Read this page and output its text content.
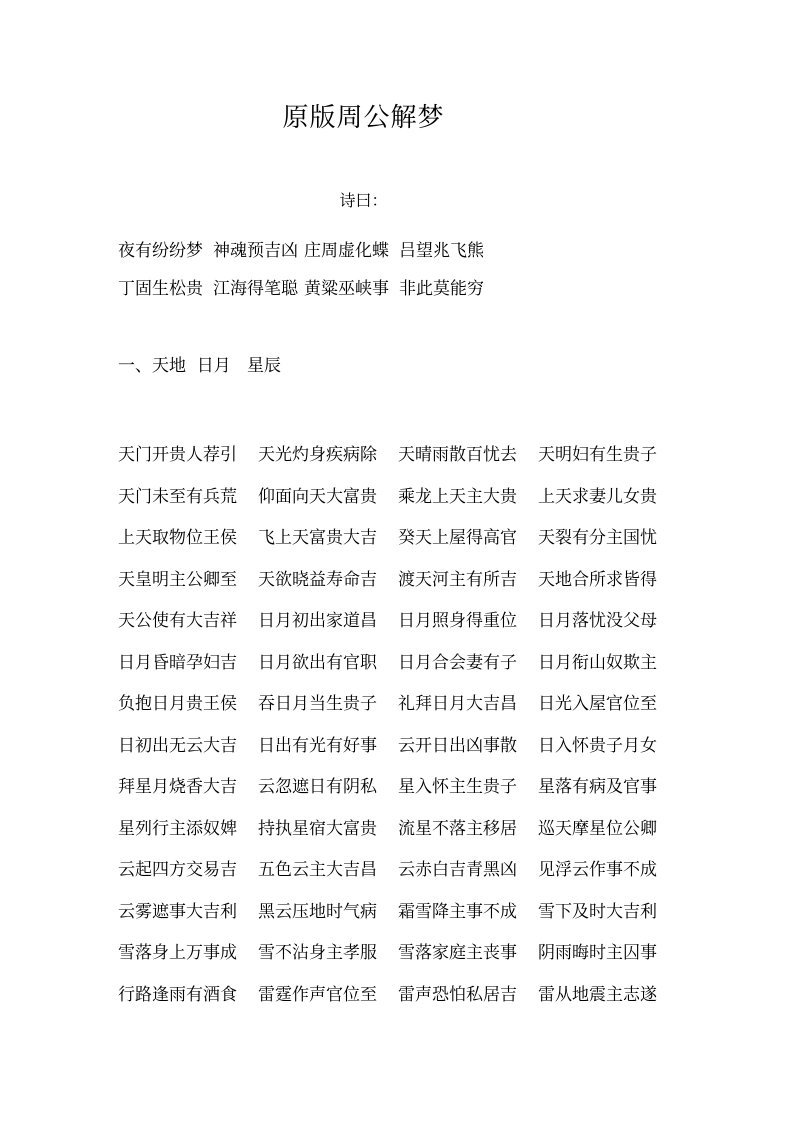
原版周公解梦
诗曰：
夜有纷纷梦 神魂预吉凶 庄周虚化蝶 吕望兆飞熊
丁固生松贵 江海得笔聪 黄粱巫峡事 非此莫能穷
一、天地  日月   星辰
天门开贵人荐引	天光灼身疾病除	天晴雨散百忧去	天明妇有生贵子
天门未至有兵荒	仰面向天大富贵	乘龙上天主大贵	上天求妻儿女贵
上天取物位王侯	飞上天富贵大吉	癸天上屋得高官	天裂有分主国忧
天皇明主公卿至	天欲晓益寿命吉	渡天河主有所吉	天地合所求皆得
天公使有大吉祥	日月初出家道昌	日月照身得重位	日月落忧没父母
日月昏暗孕妇吉	日月欲出有官职	日月合会妻有子	日月衔山奴欺主
负抱日月贵王侯	吞日月当生贵子	礼拜日月大吉昌	日光入屋官位至
日初出无云大吉	日出有光有好事	云开日出凶事散	日入怀贵子月女
拜星月烧香大吉	云忽遮日有阴私	星入怀主生贵子	星落有病及官事
星列行主添奴婢	持执星宿大富贵	流星不落主移居	巡天摩星位公卿
云起四方交易吉	五色云主大吉昌	云赤白吉青黑凶	见浮云作事不成
云雾遮事大吉利	黑云压地时气病	霜雪降主事不成	雪下及时大吉利
雪落身上万事成	雪不沾身主孝服	雪落家庭主丧事	阴雨晦时主囚事
行路逢雨有酒食	雷霆作声官位至	雷声恐怕私居吉	雷从地震主志遂
